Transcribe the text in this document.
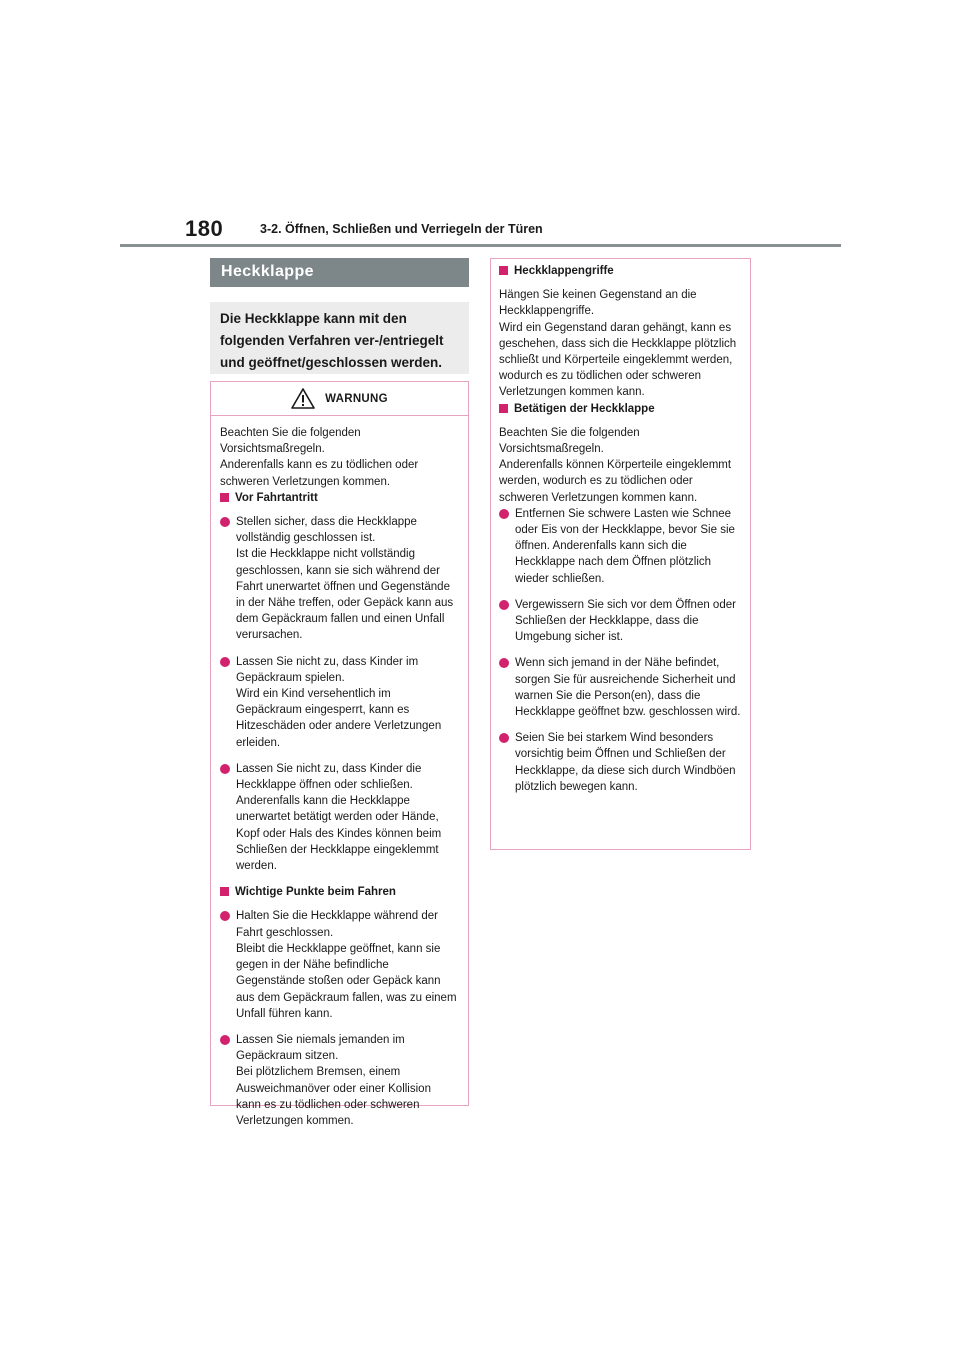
180	3-2. Öffnen, Schließen und Verriegeln der Türen
Heckklappe
Die Heckklappe kann mit den folgenden Verfahren ver-/entriegelt und geöffnet/geschlossen werden.
WARNUNG

Beachten Sie die folgenden Vorsichtsmaßregeln.
Anderenfalls kann es zu tödlichen oder schweren Verletzungen kommen.

Vor Fahrtantritt
Stellen sicher, dass die Heckklappe vollständig geschlossen ist.
Ist die Heckklappe nicht vollständig geschlossen, kann sie sich während der Fahrt unerwartet öffnen und Gegenstände in der Nähe treffen, oder Gepäck kann aus dem Gepäckraum fallen und einen Unfall verursachen.
Lassen Sie nicht zu, dass Kinder im Gepäckraum spielen.
Wird ein Kind versehentlich im Gepäckraum eingesperrt, kann es Hitzeschäden oder andere Verletzungen erleiden.
Lassen Sie nicht zu, dass Kinder die Heckklappe öffnen oder schließen.
Anderenfalls kann die Heckklappe unerwartet betätigt werden oder Hände, Kopf oder Hals des Kindes können beim Schließen der Heckklappe eingeklemmt werden.
Wichtige Punkte beim Fahren
Halten Sie die Heckklappe während der Fahrt geschlossen.
Bleibt die Heckklappe geöffnet, kann sie gegen in der Nähe befindliche Gegenstände stoßen oder Gepäck kann aus dem Gepäckraum fallen, was zu einem Unfall führen kann.
Lassen Sie niemals jemanden im Gepäckraum sitzen.
Bei plötzlichem Bremsen, einem Ausweichmanöver oder einer Kollision kann es zu tödlichen oder schweren Verletzungen kommen.
Heckklappengriffe

Hängen Sie keinen Gegenstand an die Heckklappengriffe.
Wird ein Gegenstand daran gehängt, kann es geschehen, dass sich die Heckklappe plötzlich schließt und Körperteile eingeklemmt werden, wodurch es zu tödlichen oder schweren Verletzungen kommen kann.

Betätigen der Heckklappe

Beachten Sie die folgenden Vorsichtsmaßregeln.
Anderenfalls können Körperteile eingeklemmt werden, wodurch es zu tödlichen oder schweren Verletzungen kommen kann.

Entfernen Sie schwere Lasten wie Schnee oder Eis von der Heckklappe, bevor Sie sie öffnen. Anderenfalls kann sich die Heckklappe nach dem Öffnen plötzlich wieder schließen.
Vergewissern Sie sich vor dem Öffnen oder Schließen der Heckklappe, dass die Umgebung sicher ist.
Wenn sich jemand in der Nähe befindet, sorgen Sie für ausreichende Sicherheit und warnen Sie die Person(en), dass die Heckklappe geöffnet bzw. geschlossen wird.
Seien Sie bei starkem Wind besonders vorsichtig beim Öffnen und Schließen der Heckklappe, da diese sich durch Windböen plötzlich bewegen kann.
